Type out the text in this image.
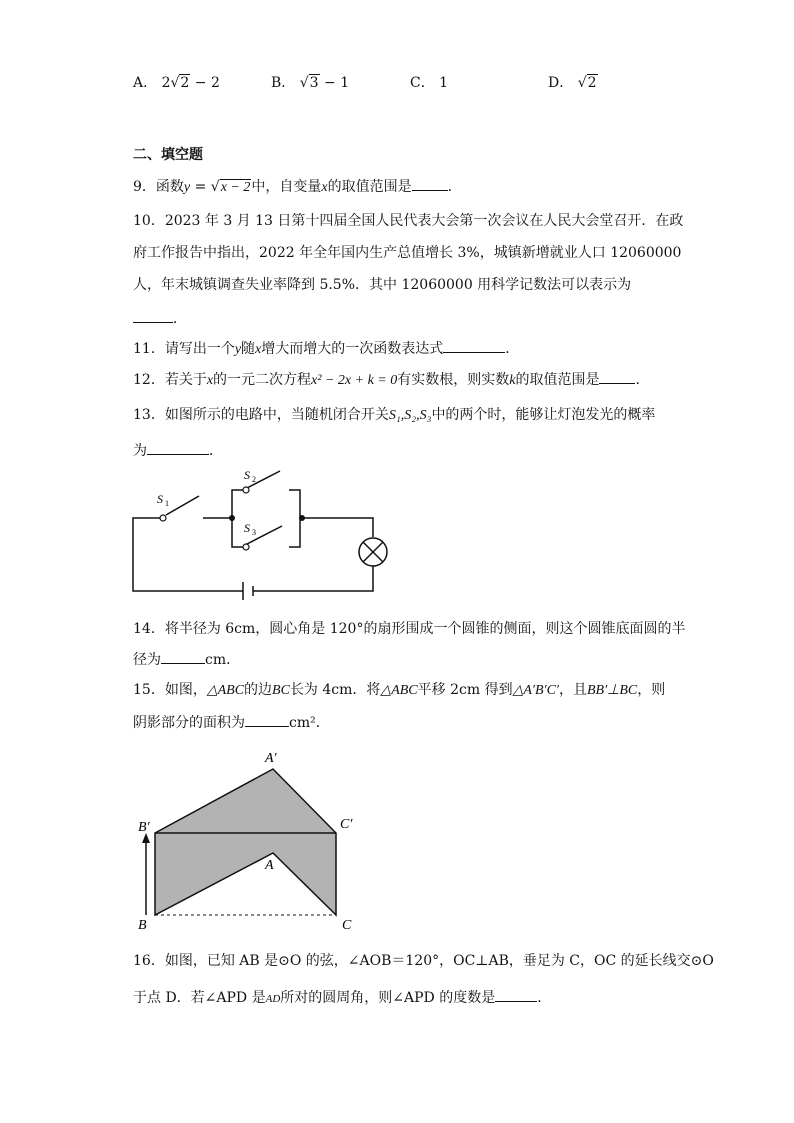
A． 2√2 − 2	B． √3 − 1	C． 1	D． √2
二、填空题
9．函数y = √x − 2中，自变量x的取值范围是	．
10．2023 年 3 月 13 日第十四届全国人民代表大会第一次会议在人民大会堂召开．在政
府工作报告中指出，2022 年全年国内生产总值增长 3%，城镇新增就业人口 12060000
人，年末城镇调查失业率降到 5.5%．其中 12060000 用科学记数法可以表示为
．
11．请写出一个y随x增大而增大的一次函数表达式	．
12．若关于x的一元二次方程x² − 2x + k = 0有实数根，则实数k的取值范围是	．
13．如图所示的电路中，当随机闭合开关S₁,S₂,S₃中的两个时，能够让灯泡发光的概率
为	．
S 1
S 2
S 3
14．将半径为 6cm，圆心角是 120°的扇形围成一个圆锥的侧面，则这个圆锥底面圆的半
径为	cm．
15．如图，△ABC的边BC长为 4cm．将△ABC平移 2cm 得到△A′B′C′，且BB′⊥BC，则
阴影部分的面积为	cm²．
A′
B′	C′
A
B	C
16．如图，已知 AB 是⊙O 的弦，∠AOB＝120°，OC⊥AB，垂足为 C，OC 的延长线交⊙O
于点 D．若∠APD 是AD所对的圆周角，则∠APD 的度数是	．
